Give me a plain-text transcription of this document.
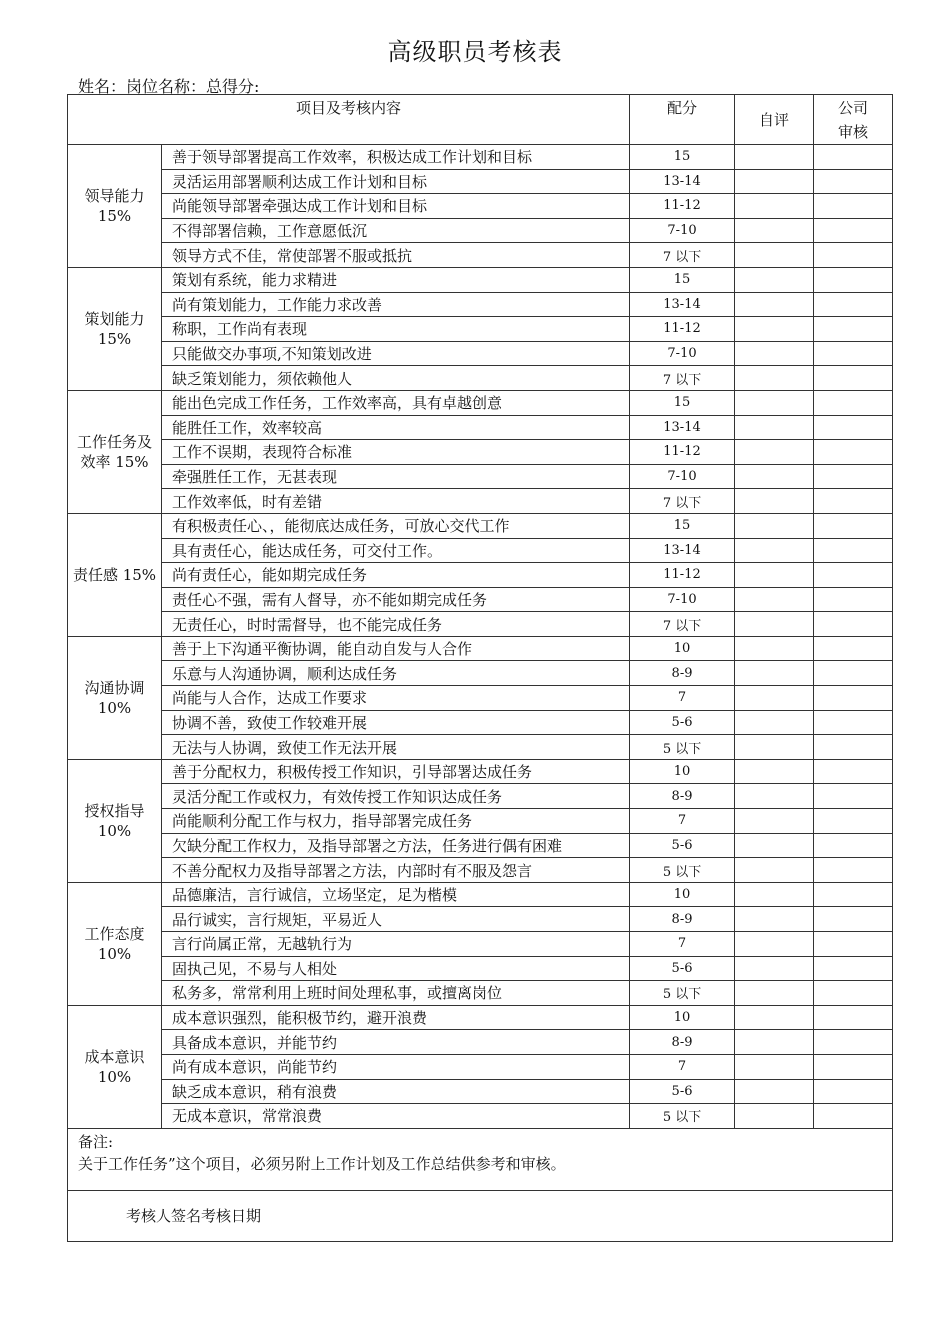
高级职员考核表
姓名：岗位名称：总得分:
项目及考核内容		配分	自评	公司
审核
领导能力
15%	善于领导部署提高工作效率，积极达成工作计划和目标	15		
	灵活运用部署顺利达成工作计划和目标	13-14		
	尚能领导部署牵强达成工作计划和目标	11-12		
	不得部署信赖，工作意愿低沉	7-10		
	领导方式不佳，常使部署不服或抵抗	7 以下		
策划能力
15%	策划有系统，能力求精进	15		
	尚有策划能力，工作能力求改善	13-14		
	称职，工作尚有表现	11-12		
	只能做交办事项,不知策划改进	7-10		
	缺乏策划能力，须依赖他人	7 以下		
工作任务及
效率 15%	能出色完成工作任务，工作效率高，具有卓越创意	15		
	能胜任工作，效率较高	13-14		
	工作不误期，表现符合标准	11-12		
	牵强胜任工作，无甚表现	7-10		
	工作效率低，时有差错	7 以下		
责任感 15%	有积极责任心、，能彻底达成任务，可放心交代工作	15		
	具有责任心，能达成任务，可交付工作。	13-14		
	尚有责任心，能如期完成任务	11-12		
	责任心不强，需有人督导，亦不能如期完成任务	7-10		
	无责任心，时时需督导，也不能完成任务	7 以下		
沟通协调
10%	善于上下沟通平衡协调，能自动自发与人合作	10		
	乐意与人沟通协调，顺利达成任务	8-9		
	尚能与人合作，达成工作要求	7		
	协调不善，致使工作较难开展	5-6		
	无法与人协调，致使工作无法开展	5 以下		
授权指导
10%	善于分配权力，积极传授工作知识，引导部署达成任务	10		
	灵活分配工作或权力，有效传授工作知识达成任务	8-9		
	尚能顺利分配工作与权力，指导部署完成任务	7		
	欠缺分配工作权力，及指导部署之方法，任务进行偶有困难	5-6		
	不善分配权力及指导部署之方法，内部时有不服及怨言	5 以下		
工作态度
10%	品德廉洁，言行诚信，立场坚定，足为楷模	10		
	品行诚实，言行规矩，平易近人	8-9		
	言行尚属正常，无越轨行为	7		
	固执己见，不易与人相处	5-6		
	私务多，常常利用上班时间处理私事，或擅离岗位	5 以下		
成本意识
10%	成本意识强烈，能积极节约，避开浪费	10		
	具备成本意识，并能节约	8-9		
	尚有成本意识，尚能节约	7		
	缺乏成本意识，稍有浪费	5-6		
	无成本意识，常常浪费	5 以下		

备注:
关于工作任务”这个项目，必须另附上工作计划及工作总结供参考和审核。				

考核人签名考核日期				
